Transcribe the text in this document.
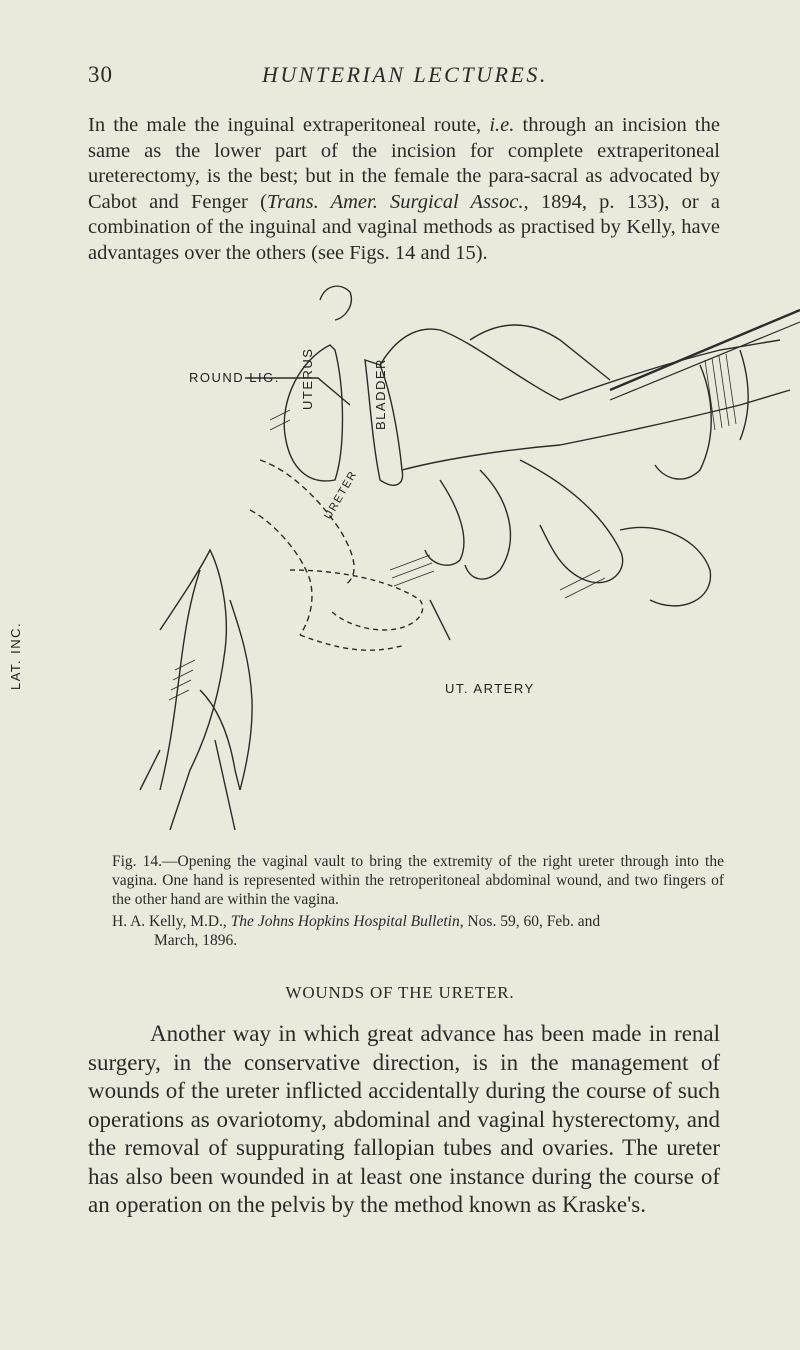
30	HUNTERIAN LECTURES.

In the male the inguinal extraperitoneal route, i.e. through an incision the same as the lower part of the incision for complete extraperitoneal ureterectomy, is the best; but in the female the para-sacral as advocated by Cabot and Fenger (Trans. Amer. Surgical Assoc., 1894, p. 133), or a combination of the inguinal and vaginal methods as practised by Kelly, have advantages over the others (see Figs. 14 and 15).

ROUND LIG.
UT. ARTERY
UTERUS	BLADDER
URETER
LAT. INC.

Fig. 14.—Opening the vaginal vault to bring the extremity of the right ureter through into the vagina. One hand is represented within the retroperitoneal abdominal wound, and two fingers of the other hand are within the vagina.

H. A. Kelly, M.D., The Johns Hopkins Hospital Bulletin, Nos. 59, 60, Feb. and
March, 1896.

WOUNDS OF THE URETER.

Another way in which great advance has been made in renal surgery, in the conservative direction, is in the management of wounds of the ureter inflicted accidentally during the course of such operations as ovariotomy, abdominal and vaginal hysterectomy, and the removal of suppurating fallopian tubes and ovaries. The ureter has also been wounded in at least one instance during the course of an operation on the pelvis by the method known as Kraske's.
